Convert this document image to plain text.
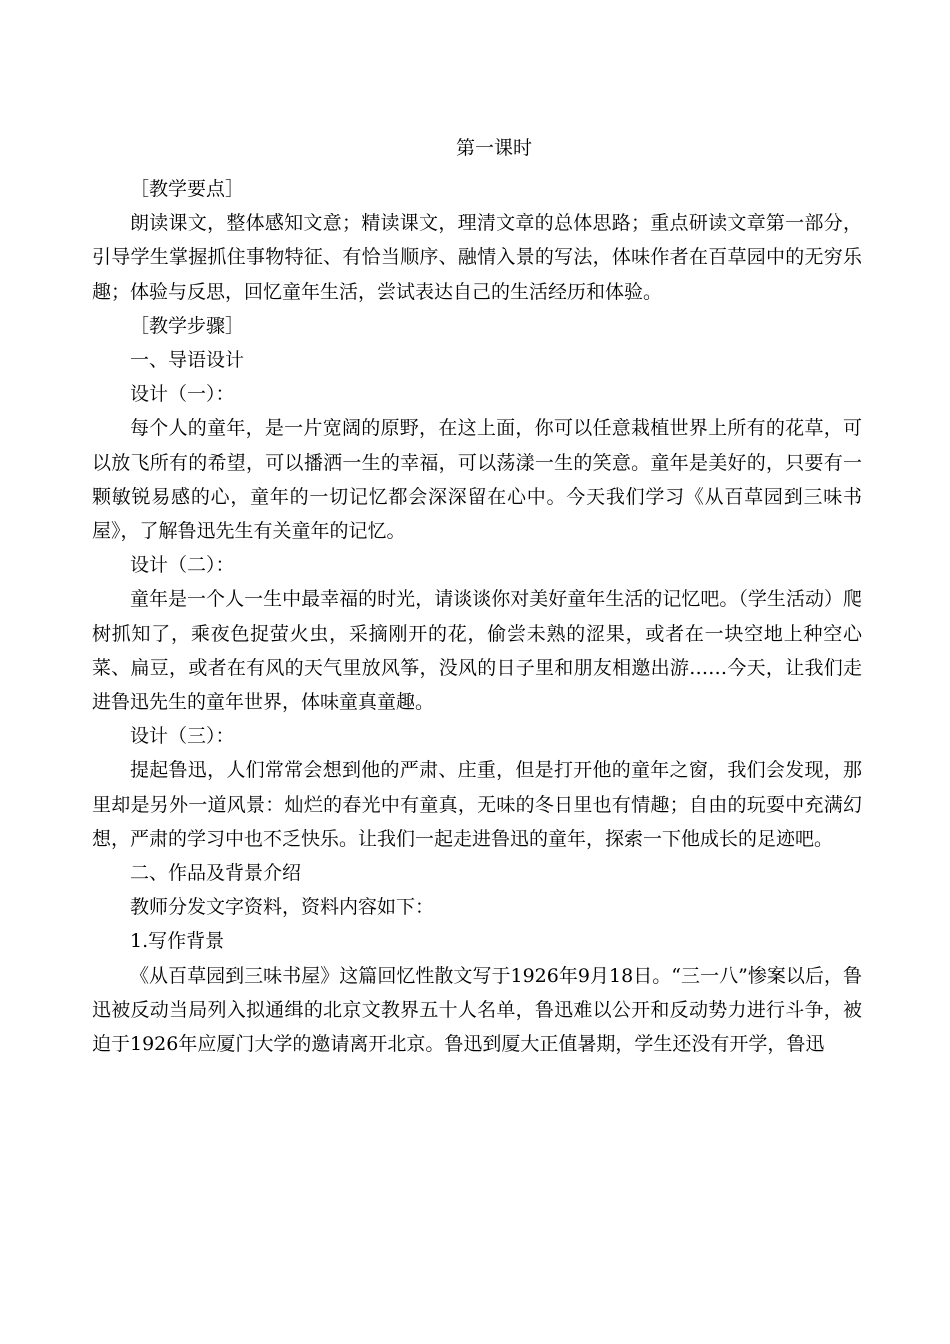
第一课时

［教学要点］

朗读课文，整体感知文意；精读课文，理清文章的总体思路；重点研读文章第一部分，引导学生掌握抓住事物特征、有恰当顺序、融情入景的写法，体味作者在百草园中的无穷乐趣；体验与反思，回忆童年生活，尝试表达自己的生活经历和体验。

［教学步骤］

一、导语设计

设计（一）：

每个人的童年，是一片宽阔的原野，在这上面，你可以任意栽植世界上所有的花草，可以放飞所有的希望，可以播洒一生的幸福，可以荡漾一生的笑意。童年是美好的，只要有一颗敏锐易感的心，童年的一切记忆都会深深留在心中。今天我们学习《从百草园到三味书屋》，了解鲁迅先生有关童年的记忆。

设计（二）：

童年是一个人一生中最幸福的时光，请谈谈你对美好童年生活的记忆吧。（学生活动）爬树抓知了，乘夜色捉萤火虫，采摘刚开的花，偷尝未熟的涩果，或者在一块空地上种空心菜、扁豆，或者在有风的天气里放风筝，没风的日子里和朋友相邀出游……今天，让我们走进鲁迅先生的童年世界，体味童真童趣。

设计（三）：

提起鲁迅，人们常常会想到他的严肃、庄重，但是打开他的童年之窗，我们会发现，那里却是另外一道风景：灿烂的春光中有童真，无味的冬日里也有情趣；自由的玩耍中充满幻想，严肃的学习中也不乏快乐。让我们一起走进鲁迅的童年，探索一下他成长的足迹吧。

二、作品及背景介绍

教师分发文字资料，资料内容如下：

1.写作背景

《从百草园到三味书屋》这篇回忆性散文写于1926年9月18日。“三一八”惨案以后，鲁迅被反动当局列入拟通缉的北京文教界五十人名单，鲁迅难以公开和反动势力进行斗争，被迫于1926年应厦门大学的邀请离开北京。鲁迅到厦大正值暑期，学生还没有开学，鲁迅
